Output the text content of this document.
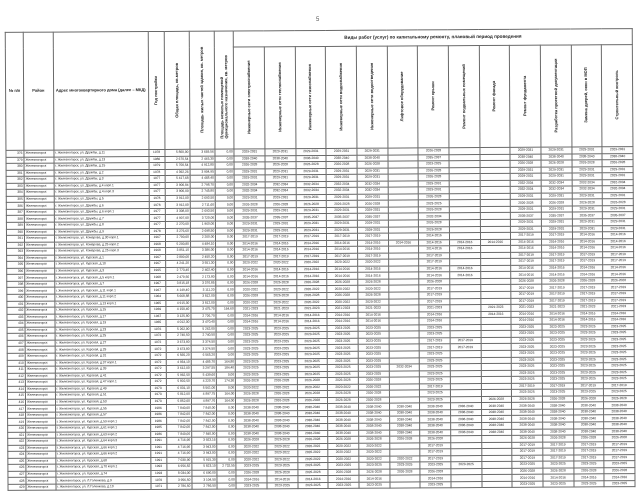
5
№ п/п	Район	Адрес многоквартирного дома (далее – МКД)	Год постройки	Общая площадь, кв.метров	Площадь жилых частей здания, кв. метров	Площадь нежилых помещений функционального назначения, кв. метров	Виды работ (услуг) по капитальному ремонту, плановый период проведения												
							Инженерные сети электроснабжения	Инженерные сети теплоснабжения	Инженерные сети газоснабжения	Инженерные сети водоснабжения	Инженерные сети водоотведения	Лифтовое оборудование	Ремонт крыши	Ремонт подвальных помещений	Ремонт фасада	Ремонт фундамента	Разработка проектной документации	Замена дверей, окон в МОП	Строительный контроль
376	Железногорск	г. Железногорск, ул. Дружбы, д.11	1978	5 800,00	3 669,56	0,00	2029-2031	2029-2031	2029-2031	2029-2031	2029-2031		2026-2028			2029-2031	2029-2031	2029-2031	2029-2031
379	Железногорск	г. Железногорск, ул. Дружбы, д.13	1980	2 670,54	2 445,30	0,00	2038-2040	2038-2040	2038-2040	2038-2040	2038-2040		2035-2037			2038-2040	2038-2040	2038-2040	2038-2040
380	Железногорск	г. Железногорск, ул. Дружбы, д.15	1979	5 700,54	4 912,80	0,00	2026-2028	2026-2028	2026-2028	2026-2028	2026-2028		2023-2025			2026-2028	2026-2028	2026-2028	2026-2028
381	Железногорск	г. Железногорск, ул. Дружбы, д.2	1978	4 392,26	3 904,95	0,00	2029-2031	2029-2031	2029-2031	2029-2031	2029-2031		2026-2028			2029-2031	2029-2031	2029-2031	2029-2031
382	Железногорск	г. Железногорск, ул. Дружбы, д.3	1977	5 417,68	4 468,40	0,00	2029-2031	2029-2031	2029-2031	2029-2031	2029-2031		2026-2028			2029-2031	2029-2031	2029-2031	2029-2031
383	Железногорск	г. Железногорск, ул. Дружбы, д.4 корп.1	1977	3 900,84	2 798,70	0,00	2032-2034	2032-2034	2032-2034	2032-2034	2032-2034		2029-2031			2032-2034	2032-2034	2032-2034	2032-2034
384	Железногорск	г. Железногорск, ул. Дружбы, д.4 корп.3	1977	3 900,00	2 745,80	0,00	2032-2034	2032-2034	2032-2034	2032-2034	2032-2034		2029-2031			2032-2034	2032-2034	2032-2034	2032-2034
385	Железногорск	г. Железногорск, ул. Дружбы, д.5	1978	3 912,00	2 693,50	0,00	2029-2031	2029-2031	2029-2031	2029-2031	2029-2031		2026-2028			2029-2031	2029-2031	2029-2031	2029-2031
386	Железногорск	г. Железногорск, ул. Дружбы, д.6	1978	3 912,00	2 711,60	0,00	2026-2028	2026-2028	2026-2028	2026-2028	2026-2028		2023-2025			2026-2028	2026-2028	2026-2028	2026-2028
387	Железногорск	г. Железногорск, ул. Дружбы, д.6 корп.1	1977	3 308,00	2 693,50	0,00	2029-2031	2029-2031	2029-2031	2029-2031	2029-2031		2026-2028			2029-2031	2029-2031	2029-2031	2029-2031
388	Железногорск	г. Железногорск, ул. Дружбы, д.7	1977	4 907,00	3 720,00	0,00	2035-2037	2035-2037	2035-2037	2035-2037	2035-2037		2032-2034			2035-2037	2035-2037	2035-2037	2035-2037
389	Железногорск	г. Железногорск, ул. Дружбы, д.8	1977	2 270,00	1 960,00	0,00	2029-2031	2029-2031	2029-2031	2029-2031	2029-2031		2026-2028			2029-2031	2029-2031	2029-2031	2029-2031
390	Железногорск	г. Железногорск, ул. Дружбы, д.9	1978	3 276,60	2 698,50	0,00	2029-2031	2029-2031	2029-2031	2029-2031	2029-2031		2026-2028			2029-2031	2029-2031	2029-2031	2029-2031
391	Железногорск	г. Железногорск, ул. Комарова, д.30 корп.1	1967	2 700,00	2 200,00	0,00	2017-2019	2017-2019	2017-2019	2017-2019	2017-2019		2014-2016			2017-2019	2017-2019	2014-2016	2014-2016
392	Железногорск	г. Железногорск, ул. Комарова, д.25 корп.2	1968	5 200,80	4 484,10	0,00	2014-2016	2014-2016	2014-2016	2014-2016	2014-2016	2014-2016	2014-2016	2014-2016	2014-2016	2014-2016	2014-2016	2014-2016	2014-2016
393	Железногорск	г. Железногорск, ул. Комарова, д.25 корп.3	1968	3 851,10	3 386,00	0,00	2014-2016	2014-2016	2014-2016	2014-2016	2014-2016		2014-2016	2014-2016		2014-2016	2014-2016	2014-2016	2014-2016
394	Железногорск	г. Железногорск, ул. Курская, д.1	1967	2 800,00	2 450,20	0,00	2017-2019	2017-2019	2017-2019	2017-2019	2017-2019		2017-2019			2017-2019	2017-2019	2017-2019	2017-2019
395	Железногорск	г. Железногорск, ул. Курская, д.10	1967	4 241,20	3 551,30	0,00	2020-2022	2020-2022	2020-2022	2020-2022	2020-2022		2017-2019			2017-2019	2017-2019	2017-2019	2017-2019
396	Железногорск	г. Железногорск, ул. Курская, д.3	1965	2 773,40	2 402,40	0,00	2014-2016	2014-2016	2014-2016	2014-2016	2014-2016		2014-2016	2014-2016		2014-2016	2014-2016	2014-2016	2014-2016
397	Железногорск	г. Железногорск, ул. Курская, д.5 корп.1	1968	2 470,56	2 173,80	0,00	2014-2016	2014-2016	2014-2016	2014-2016	2014-2016		2014-2016	2014-2016		2014-2016	2014-2016	2014-2016	2014-2016
398	Железногорск	г. Железногорск, ул. Курская, д.7	1967	3 815,18	3 370,85	0,00	2026-2028	2026-2028	2026-2028	2026-2028	2026-2028		2026-2028			2026-2028	2026-2028	2026-2028	2026-2028
399	Железногорск	г. Железногорск, ул. Курская, д.11 корп.1	1967	4 149,40	3 111,20	0,00	2020-2022	2020-2022	2020-2022	2020-2022	2020-2022		2017-2019			2017-2019	2017-2019	2017-2019	2017-2019
400	Железногорск	г. Железногорск, ул. Курская, д.11 корп.2	1964	5 668,88	3 812,00	0,00	2026-2028	2026-2028	2026-2028	2026-2028	2026-2028		2017-2019			2017-2019	2017-2019	2017-2019	2017-2019
401	Железногорск	г. Железногорск, ул. Курская, д.13 корп.1	1965	4 915,30	3 812,00	0,00	2020-2022	2020-2022	2020-2022	2020-2022	2020-2022		2017-2019			2017-2019	2017-2019	2017-2019	2017-2019
402	Железногорск	г. Железногорск, ул. Курская, д.15	1969	4 150,40	3 475,70	164,60	2021-2023	2021-2023	2021-2023	2021-2023	2021-2023		2021-2023		2021-2023	2021-2023	2021-2023	2021-2023	2021-2023
403	Железногорск	г. Железногорск, ул. Курская, д.17	1967	3 125,80	2 726,70	0,00	2014-2016	2014-2016	2014-2016	2014-2016	2014-2016		2014-2016		2014-2016	2014-2016	2014-2016	2014-2016	2014-2016
404	Железногорск	г. Железногорск, ул. Курская, д.19	1965	4 012,30	3 470,40	0,00	2014-2016	2014-2016	2014-2016	2014-2016	2014-2016		2014-2016			2014-2016	2014-2016	2014-2016	2014-2016
405	Железногорск	г. Железногорск, ул. Курская, д.23	1976	5 262,00	5 262,00	0,00	2023-2025	2023-2025	2023-2025	2023-2025	2023-2025		2023-2025			2023-2025	2023-2025	2023-2025	2023-2025
406	Железногорск	г. Железногорск, ул. Курская, д.25	1972	2 740,50	2 740,50	0,00	2023-2025	2023-2025	2023-2025	2023-2025	2023-2025		2023-2025			2023-2025	2023-2025	2023-2025	2023-2025
407	Железногорск	г. Железногорск, ул. Курская, д.27	1972	3 673,80	3 374,50	0,00	2023-2025	2023-2025	2023-2025	2023-2025	2023-2025		2017-2019	2017-2019		2023-2025	2023-2025	2023-2025	2023-2025
408	Железногорск	г. Железногорск, ул. Курская, д.29	1972	3 673,80	3 374,50	0,00	2023-2025	2023-2025	2023-2025	2023-2025	2023-2025		2017-2019	2017-2019		2023-2025	2023-2025	2023-2025	2023-2025
409	Железногорск	г. Железногорск, ул. Курская, д.31	1972	6 565,20	6 565,20	0,00	2023-2025	2023-2025	2023-2025	2023-2025	2023-2025		2023-2025			2023-2025	2023-2025	2023-2025	2023-2025
410	Железногорск	г. Железногорск, ул. Курская, д.37 корп.1	1972	4 934,10	4 485,70	164,80	2023-2025	2023-2025	2023-2025	2023-2025	2023-2025		2023-2025			2023-2025	2023-2025	2023-2025	2023-2025
411	Железногорск	г. Железногорск, ул. Курская, д.39	1972	3 612,00	3 297,55	184,40	2023-2025	2023-2025	2023-2025	2023-2025	2023-2025	2032-2034	2023-2025			2023-2025	2023-2025	2023-2025	2023-2025
412	Железногорск	г. Железногорск, ул. Курская, д.41	1972	5 962,50	5 439,60	0,00	2023-2025	2023-2025	2023-2025	2023-2025	2023-2025		2023-2025			2023-2025	2023-2025	2023-2025	2023-2025
413	Железногорск	г. Железногорск, ул. Курская, д.47 корп.1	1972	5 802,50	4 220,70	174,30	2026-2028	2026-2028	2026-2028	2026-2028	2026-2028		2023-2025			2023-2025	2023-2025	2023-2025	2023-2025
414	Железногорск	г. Железногорск, ул. Курская, д.49	1973	6 031,10	5 561,00	0,00	2020-2022	2020-2022	2020-2022	2020-2022	2020-2022		2017-2019			2017-2019	2017-2019	2017-2019	2017-2019
415	Железногорск	г. Железногорск, ул. Курская, д.51	1973	5 812,00	4 897,75	164,00	2026-2028	2026-2028	2026-2028	2026-2028	2026-2028		2023-2025			2023-2025	2023-2025	2023-2025	2023-2025
416	Железногорск	г. Железногорск, ул. Курская, д.53	1973	5 852,00	4 897,76	164,00	2026-2028	2026-2028	2026-2028	2026-2028	2026-2028		2023-2025		2026-2028	2026-2028	2026-2028	2026-2028	2026-2028
417	Железногорск	г. Железногорск, ул. Курская, д.55	1986	7 840,00	7 840,00	0,00	2038-2040	2038-2040	2038-2040	2038-2040	2038-2040	2038-2040	2038-2040	2038-2040	2038-2040	2038-2040	2038-2040	2038-2040	2038-2040
418	Железногорск	г. Железногорск, ул. Курская, д.57	1986	7 842,00	7 842,00	0,00	2038-2040	2038-2040	2038-2040	2038-2040	2038-2040	2038-2040	2038-2040	2038-2040	2038-2040	2038-2040	2038-2040	2038-2040	2038-2040
419	Железногорск	г. Железногорск, ул. Курская, д.59 корп.1	1986	7 842,00	7 842,00	0,00	2038-2040	2038-2040	2038-2040	2038-2040	2038-2040	2038-2040	2038-2040	2038-2040	2038-2040	2038-2040	2038-2040	2038-2040	2038-2040
420	Железногорск	г. Железногорск, ул. Курская, д.61 корп.1	1985	7 842,00	7 842,00	0,00	2038-2040	2038-2040	2038-2040	2038-2040	2038-2040	2038-2040	2038-2040	2038-2040	2038-2040	2038-2040	2038-2040	2038-2040	2038-2040
421	Железногорск	г. Железногорск, ул. Курская, д.63 корп.2	1986	7 840,00	7 840,00	0,00	2038-2040	2038-2040	2038-2040	2038-2040	2038-2040	2038-2040	2038-2040	2038-2040	2038-2040	2038-2040	2038-2040	2038-2040	2038-2040
422	Железногорск	г. Железногорск, ул. Курская, д.64 корп.3	1991	4 716,90	3 923,16	0,00	2026-2028	2026-2028	2026-2028	2026-2028	2026-2028	2026-2028	2026-2028			2026-2028	2026-2028	2026-2028	2026-2028
423	Железногорск	г. Железногорск, ул. Курская, д.66 корп.1	1991	4 716,90	3 943,00	0,00	2020-2022	2020-2022	2020-2022	2020-2022	2020-2022		2017-2019			2017-2019	2017-2019	2017-2019	2017-2019
424	Железногорск	г. Железногорск, ул. Курская, д.66 корп.2	1991	4 716,90	3 943,00	0,00	2020-2022	2020-2022	2020-2022	2020-2022	2020-2022		2017-2019			2017-2019	2017-2019	2017-2019	2017-2019
425	Железногорск	г. Железногорск, ул. Курская, д.68	1991	7 030,90	5 915,30	0,00	2020-2022	2020-2022	2020-2022	2020-2022	2020-2022	2020-2022	2017-2019			2017-2019	2017-2019	2017-2019	2017-2019
426	Железногорск	г. Железногорск, ул. Курская, д.70 корп.1	1993	6 956,82	5 823,10	2 732,55	2023-2025	2023-2025	2023-2025	2023-2025	2023-2025	2023-2025	2023-2025	2023-2025		2023-2025	2023-2025	2023-2025	2023-2025
427	Железногорск	г. Железногорск, ул. Курская, д.74	1993	8 034,00	6 690,00	0,00	2026-2028	2026-2028	2026-2028	2026-2028	2026-2028	2026-2028	2026-2028			2026-2028	2026-2028	2026-2028	2026-2028
428	Железногорск	г. Железногорск, ул. Л.Голенкова, д.9	1970	3 956,50	3 104,50	0,00	2014-2016	2014-2016	2014-2016	2014-2016	2014-2016		2014-2016			2014-2016	2014-2016	2014-2016	2014-2016
429	Железногорск	г. Железногорск, ул. Л.Голенкова, д.10	1971	2 786,50	2 786,50	0,00	2023-2025	2023-2025	2023-2025	2023-2025	2023-2025		2023-2025			2023-2025	2023-2025	2023-2025	2023-2025
